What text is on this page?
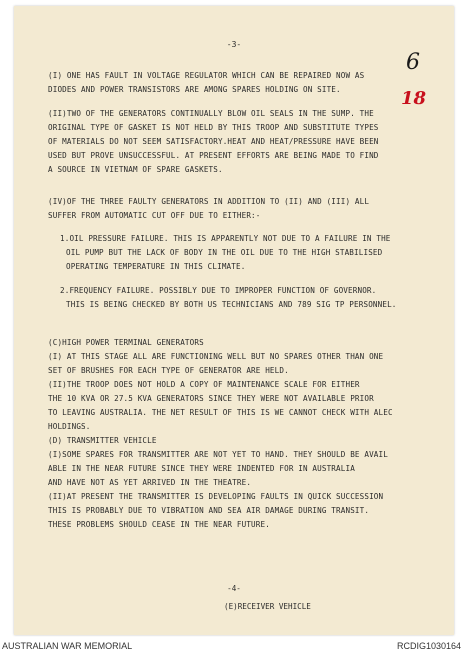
-3-
6
18
(I) ONE HAS FAULT IN VOLTAGE REGULATOR WHICH CAN BE REPAIRED NOW AS
DIODES AND POWER TRANSISTORS ARE AMONG SPARES HOLDING ON SITE.
(II)TWO OF THE GENERATORS CONTINUALLY BLOW OIL SEALS IN THE SUMP. THE
ORIGINAL TYPE OF GASKET IS NOT HELD BY THIS TROOP AND SUBSTITUTE TYPES
OF MATERIALS DO NOT SEEM SATISFACTORY.HEAT AND HEAT/PRESSURE HAVE BEEN
USED BUT PROVE UNSUCCESSFUL. AT PRESENT EFFORTS ARE BEING MADE TO FIND
A SOURCE IN VIETNAM OF SPARE GASKETS.
(IV)OF THE THREE FAULTY GENERATORS IN ADDITION TO (II) AND (III) ALL
SUFFER FROM AUTOMATIC CUT OFF DUE TO EITHER:-
1.OIL PRESSURE FAILURE. THIS IS APPARENTLY NOT DUE TO A FAILURE IN THE
OIL PUMP BUT THE LACK OF BODY IN THE OIL DUE TO THE HIGH STABILISED
OPERATING TEMPERATURE IN THIS CLIMATE.
2.FREQUENCY FAILURE. POSSIBLY DUE TO IMPROPER FUNCTION OF GOVERNOR.
THIS IS BEING CHECKED BY BOTH US TECHNICIANS AND 789 SIG TP PERSONNEL.
(C)HIGH POWER TERMINAL GENERATORS
(I) AT THIS STAGE ALL ARE FUNCTIONING WELL BUT NO SPARES OTHER THAN ONE
SET OF BRUSHES FOR EACH TYPE OF GENERATOR ARE HELD.
(II)THE TROOP DOES NOT HOLD A COPY OF MAINTENANCE SCALE FOR EITHER
THE 10 KVA OR 27.5 KVA GENERATORS SINCE THEY WERE NOT AVAILABLE PRIOR
TO LEAVING AUSTRALIA. THE NET RESULT OF THIS IS WE CANNOT CHECK WITH ALEC
HOLDINGS.
(D) TRANSMITTER VEHICLE
(I)SOME SPARES FOR TRANSMITTER ARE NOT YET TO HAND. THEY SHOULD BE AVAIL
ABLE IN THE NEAR FUTURE SINCE THEY WERE INDENTED FOR IN AUSTRALIA
AND HAVE NOT AS YET ARRIVED IN THE THEATRE.
(II)AT PRESENT THE TRANSMITTER IS DEVELOPING FAULTS IN QUICK SUCCESSION
THIS IS PROBABLY DUE TO VIBRATION AND SEA AIR DAMAGE DURING TRANSIT.
THESE PROBLEMS SHOULD CEASE IN THE NEAR FUTURE.
-4-
(E)RECEIVER VEHICLE
AUSTRALIAN WAR MEMORIAL	RCDIG1030164
